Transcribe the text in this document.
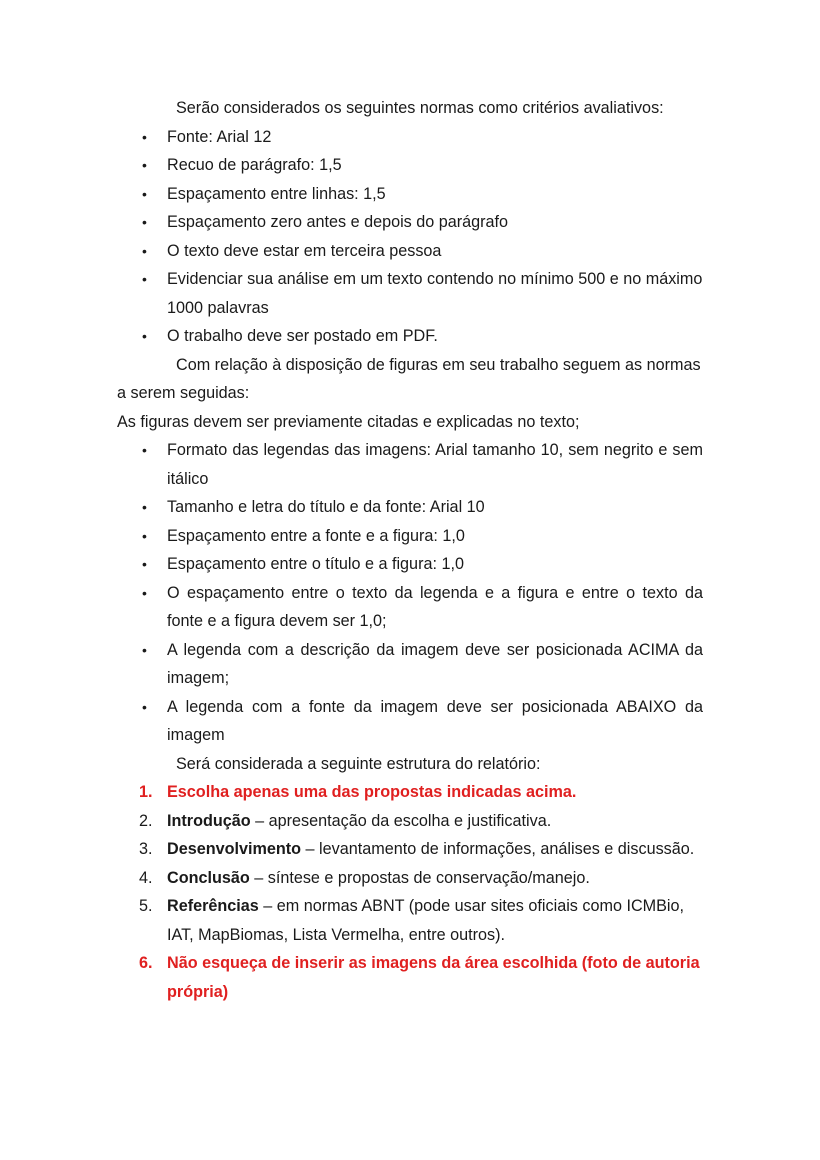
Serão considerados os seguintes normas como critérios avaliativos:

• Fonte: Arial 12
• Recuo de parágrafo: 1,5
• Espaçamento entre linhas: 1,5
• Espaçamento zero antes e depois do parágrafo
• O texto deve estar em terceira pessoa
• Evidenciar sua análise em um texto contendo no mínimo 500 e no máximo 1000 palavras
• O trabalho deve ser postado em PDF.

Com relação à disposição de figuras em seu trabalho seguem as normas a serem seguidas:

As figuras devem ser previamente citadas e explicadas no texto;

• Formato das legendas das imagens: Arial tamanho 10, sem negrito e sem itálico
• Tamanho e letra do título e da fonte: Arial 10
• Espaçamento entre a fonte e a figura: 1,0
• Espaçamento entre o título e a figura: 1,0
• O espaçamento entre o texto da legenda e a figura e entre o texto da fonte e a figura devem ser 1,0;
• A legenda com a descrição da imagem deve ser posicionada ACIMA da imagem;
• A legenda com a fonte da imagem deve ser posicionada ABAIXO da imagem

Será considerada a seguinte estrutura do relatório:

1. Escolha apenas uma das propostas indicadas acima.
2. Introdução – apresentação da escolha e justificativa.
3. Desenvolvimento – levantamento de informações, análises e discussão.
4. Conclusão – síntese e propostas de conservação/manejo.
5. Referências – em normas ABNT (pode usar sites oficiais como ICMBio, IAT, MapBiomas, Lista Vermelha, entre outros).
6. Não esqueça de inserir as imagens da área escolhida (foto de autoria própria)
